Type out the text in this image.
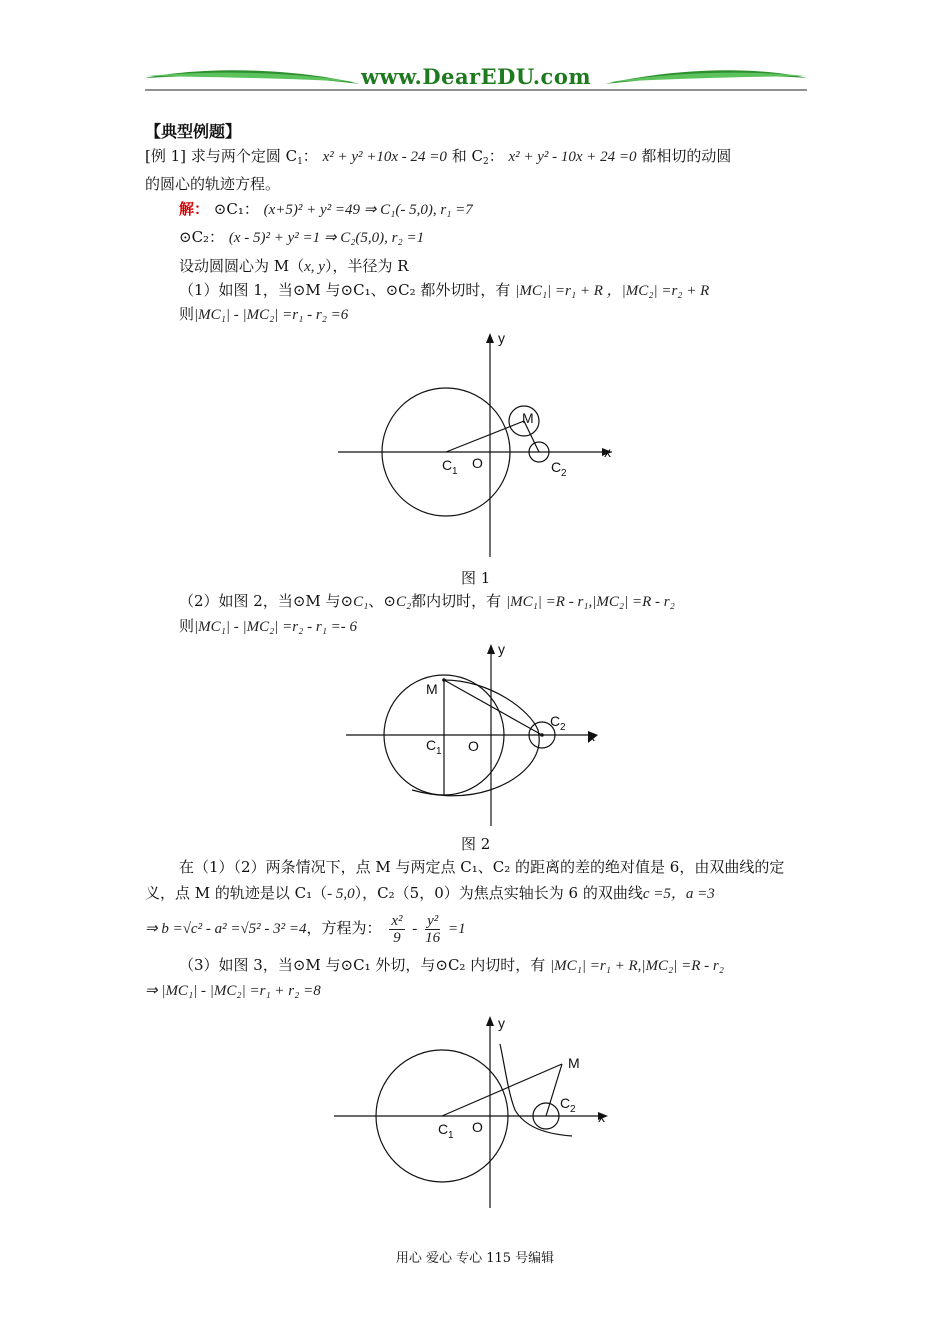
www.DearEDU.com
【典型例题】
[例 1] 求与两个定圆 $C_1$： x² + y² +10x - 24 =0 和 $C_2$： x² + y² - 10x + 24 =0 都相切的动圆
的圆心的轨迹方程。
解： ⊙C₁： (x+5)² + y² =49 ⇒ C₁(- 5,0), r₁ =7
⊙C₂： (x - 5)² + y² =1 ⇒ C₂(5,0), r₂ =1
设动圆圆心为 M（x, y），半径为 R
（1）如图 1，当⊙M 与⊙C₁、⊙C₂ 都外切时，有 |MC₁| =r₁ + R ，|MC₂| =r₂ + R
则|MC₁| - |MC₂| =r₁ - r₂ =6
x
y
M
C 1
O	C 2
图 1
（2）如图 2，当⊙M 与⊙C₁、⊙C₂都内切时，有 |MC₁| =R - r₁,|MC₂| =R - r₂
则|MC₁| - |MC₂| =r₂ - r₁ =- 6
x
y
M
C 1 O
C 2
图 2
在（1）（2）两条情况下，点 M 与两定点 C₁、C₂ 的距离的差的绝对值是 6，由双曲线的定
义，点 M 的轨迹是以 C₁（- 5,0），C₂（5，0）为焦点实轴长为 6 的双曲线c =5，a =3
⇒ b =√c² - a² =√5² - 3² =4，方程为： $\frac{\text{x²}}{9} - \frac{\text{y²}}{16} =1$
（3）如图 3，当⊙M 与⊙C₁ 外切，与⊙C₂ 内切时，有 |MC₁| =r₁ + R,|MC₂| =R - r₂
⇒ |MC₁| - |MC₂| =r₁ + r₂ =8
x
y
M
C 1
O
C 2
用心 爱心 专心 115 号编辑
